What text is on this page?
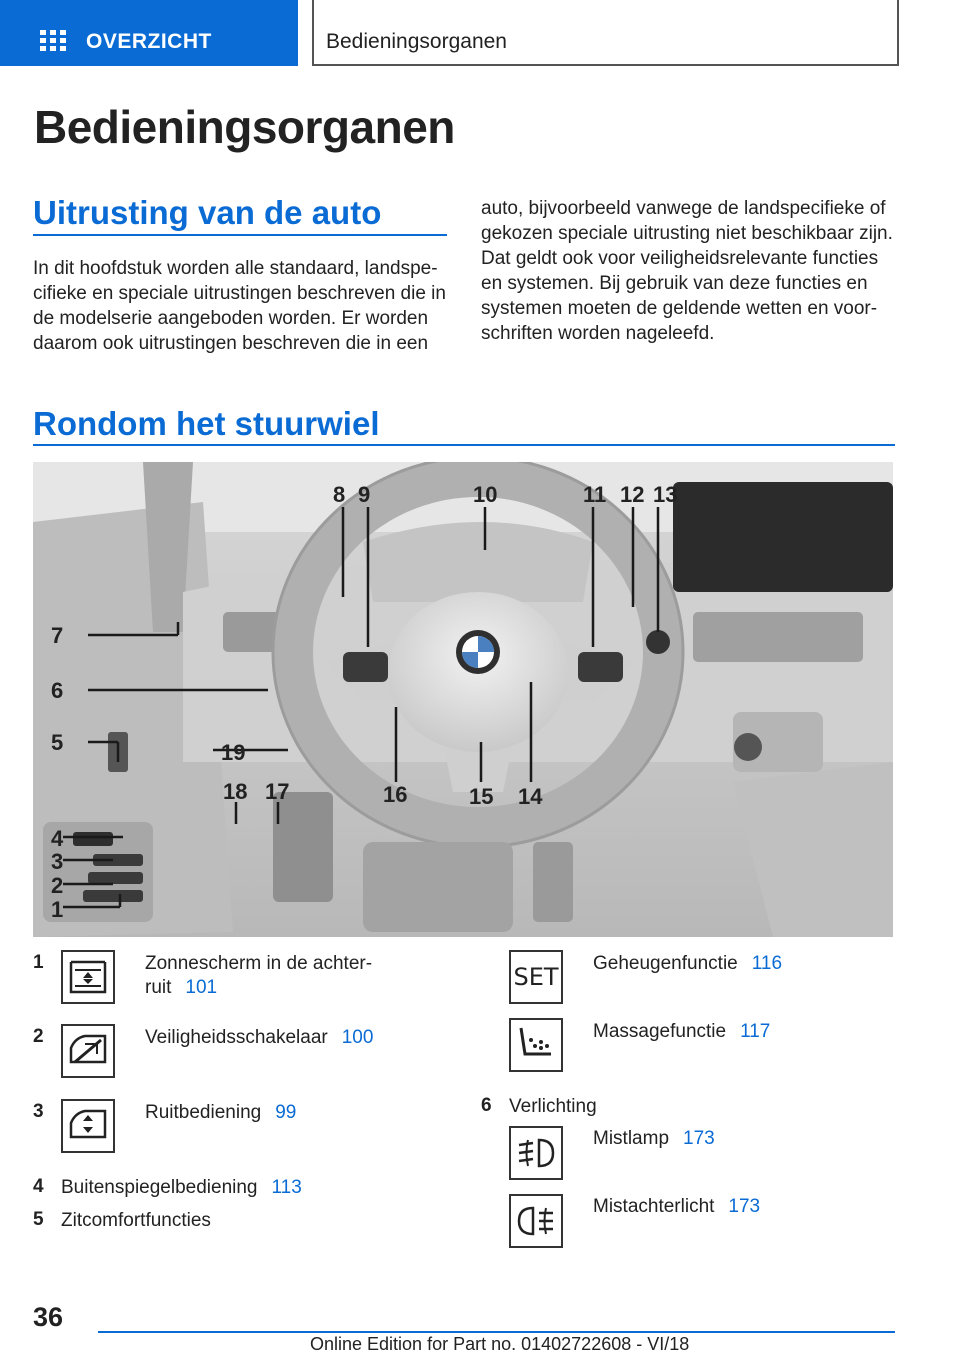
OVERZICHT	Bedieningsorganen
Bedieningsorganen
Uitrusting van de auto
In dit hoofdstuk worden alle standaard, landspe-
cifieke en speciale uitrustingen beschreven die in
de modelserie aangeboden worden. Er worden
daarom ook uitrustingen beschreven die in een
auto, bijvoorbeeld vanwege de landspecifieke of
gekozen speciale uitrusting niet beschikbaar zijn.
Dat geldt ook voor veiligheidsrelevante functies
en systemen. Bij gebruik van deze functies en
systemen moeten de geldende wetten en voor-
schriften worden nageleefd.
Rondom het stuurwiel
7
6
5
4
3
2
1
8 9	10	11 12 13
14
15
16
17
18
19
1	Zonnescherm in de achter-
ruit 101
2	Veiligheidsschakelaar 100
3	Ruitbediening 99
4 Buitenspiegelbediening 113
5 Zitcomfortfuncties
SET Geheugenfunctie 116
Massagefunctie 117
6 Verlichting
Mistlamp 173
Mistachterlicht 173
36
Online Edition for Part no. 01402722608 - VI/18
